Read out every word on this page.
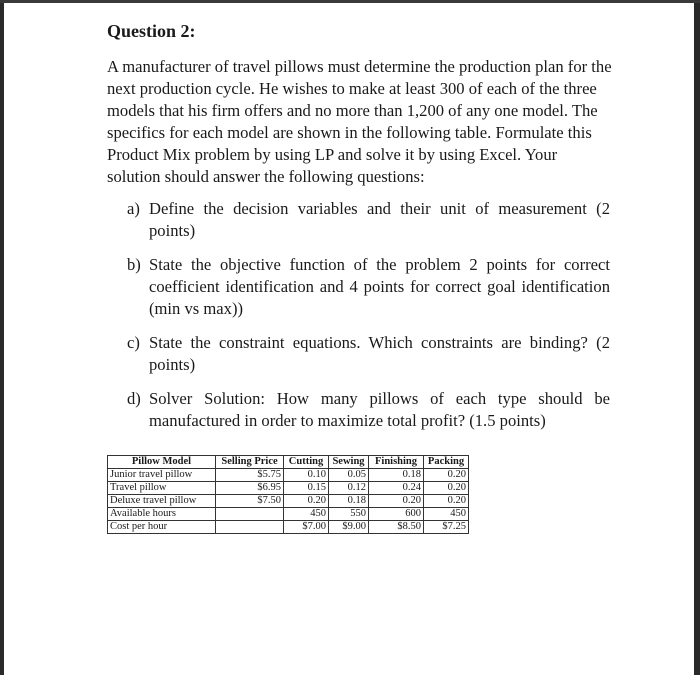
Question 2:

A manufacturer of travel pillows must determine the production plan for the next production cycle. He wishes to make at least 300 of each of the three models that his firm offers and no more than 1,200 of any one model. The specifics for each model are shown in the following table. Formulate this Product Mix problem by using LP and solve it by using Excel. Your solution should answer the following questions:

a) Define the decision variables and their unit of measurement (2 points)
b) State the objective function of the problem 2 points for correct coefficient identification and 4 points for correct goal identification (min vs max))
c) State the constraint equations. Which constraints are binding? (2 points)
d) Solver Solution: How many pillows of each type should be manufactured in order to maximize total profit? (1.5 points)
Pillow Model	Selling Price	Cutting	Sewing	Finishing	Packing
Junior travel pillow	$5.75	0.10	0.05	0.18	0.20
Travel pillow	$6.95	0.15	0.12	0.24	0.20
Deluxe travel pillow	$7.50	0.20	0.18	0.20	0.20
Available hours		450	550	600	450
Cost per hour		$7.00	$9.00	$8.50	$7.25
